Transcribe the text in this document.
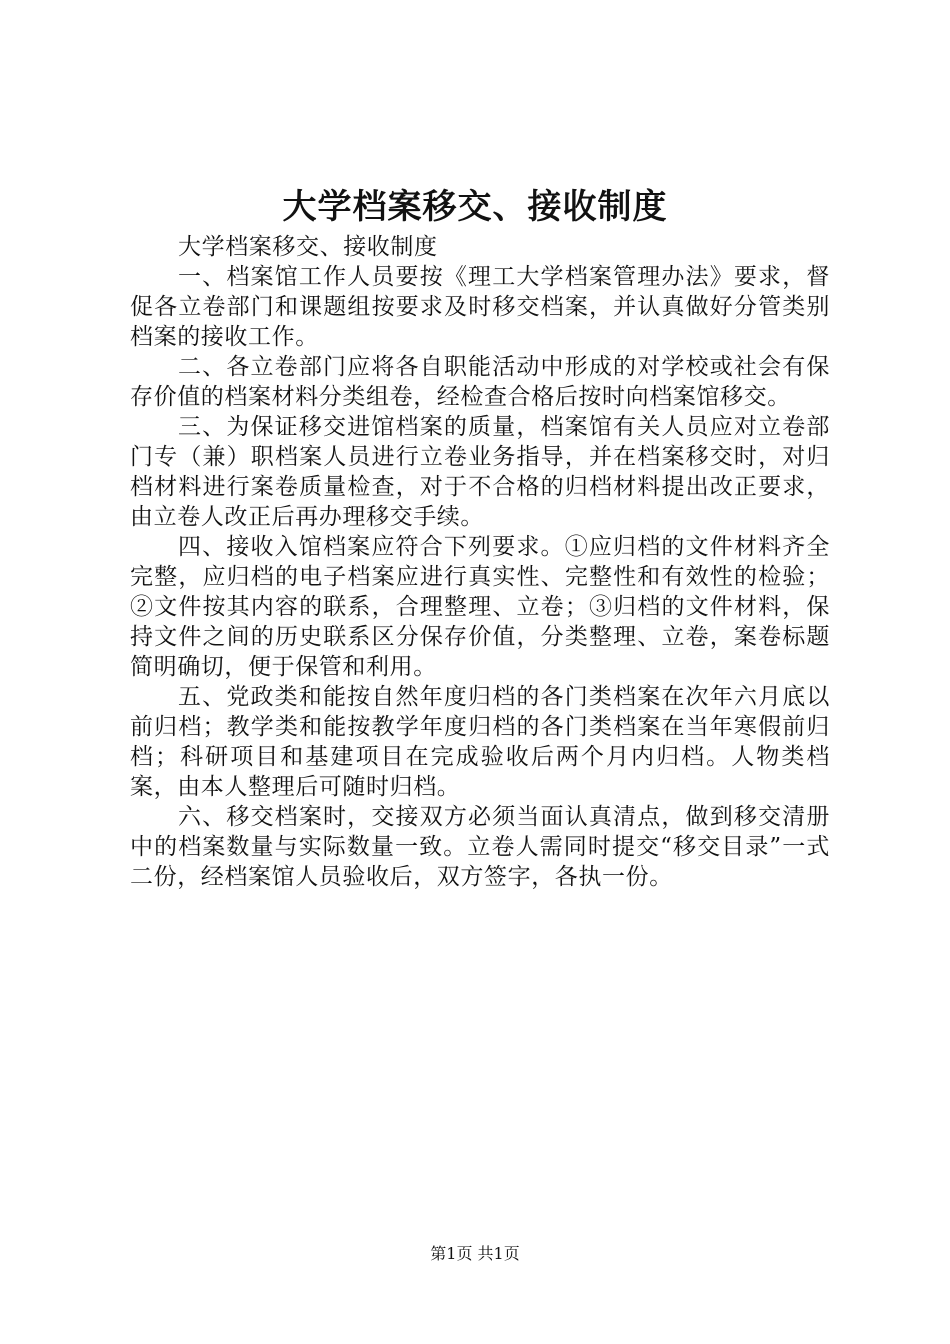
大学档案移交、接收制度

大学档案移交、接收制度

一、档案馆工作人员要按《理工大学档案管理办法》要求，督促各立卷部门和课题组按要求及时移交档案，并认真做好分管类别档案的接收工作。

二、各立卷部门应将各自职能活动中形成的对学校或社会有保存价值的档案材料分类组卷，经检查合格后按时向档案馆移交。

三、为保证移交进馆档案的质量，档案馆有关人员应对立卷部门专（兼）职档案人员进行立卷业务指导，并在档案移交时，对归档材料进行案卷质量检查，对于不合格的归档材料提出改正要求，由立卷人改正后再办理移交手续。

四、接收入馆档案应符合下列要求。①应归档的文件材料齐全完整，应归档的电子档案应进行真实性、完整性和有效性的检验；②文件按其内容的联系，合理整理、立卷；③归档的文件材料，保持文件之间的历史联系区分保存价值，分类整理、立卷，案卷标题简明确切，便于保管和利用。

五、党政类和能按自然年度归档的各门类档案在次年六月底以前归档；教学类和能按教学年度归档的各门类档案在当年寒假前归档；科研项目和基建项目在完成验收后两个月内归档。人物类档案，由本人整理后可随时归档。

六、移交档案时，交接双方必须当面认真清点，做到移交清册中的档案数量与实际数量一致。立卷人需同时提交“移交目录”一式二份，经档案馆人员验收后，双方签字，各执一份。

第1页 共1页
